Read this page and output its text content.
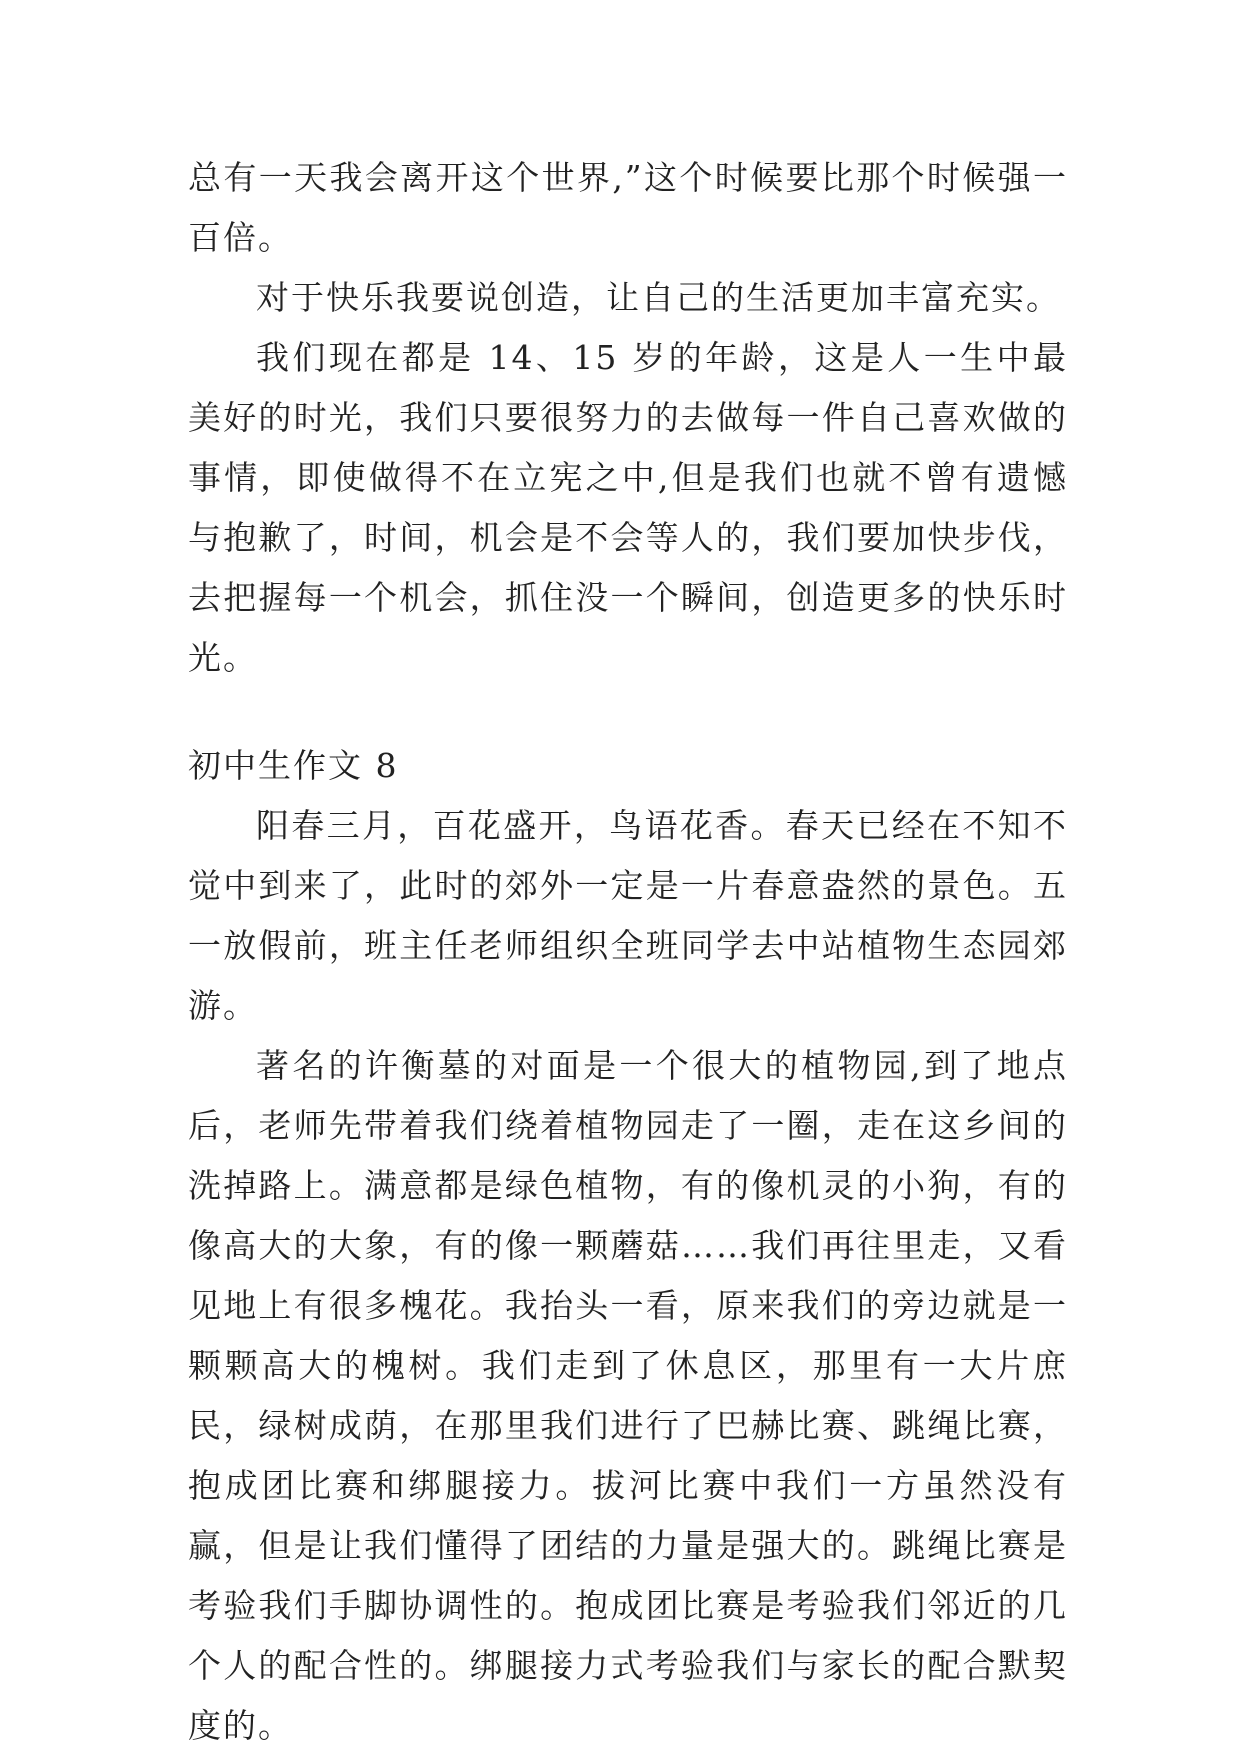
总有一天我会离开这个世界,”这个时候要比那个时候强一百倍。

对于快乐我要说创造，让自己的生活更加丰富充实。

我们现在都是 14、15 岁的年龄，这是人一生中最美好的时光，我们只要很努力的去做每一件自己喜欢做的事情，即使做得不在立宪之中,但是我们也就不曾有遗憾与抱歉了，时间，机会是不会等人的，我们要加快步伐，去把握每一个机会，抓住没一个瞬间，创造更多的快乐时光。

初中生作文 8

阳春三月，百花盛开，鸟语花香。春天已经在不知不觉中到来了，此时的郊外一定是一片春意盎然的景色。五一放假前，班主任老师组织全班同学去中站植物生态园郊游。

著名的许衡墓的对面是一个很大的植物园,到了地点后，老师先带着我们绕着植物园走了一圈，走在这乡间的洗掉路上。满意都是绿色植物，有的像机灵的小狗，有的像高大的大象，有的像一颗蘑菇……我们再往里走，又看见地上有很多槐花。我抬头一看，原来我们的旁边就是一颗颗高大的槐树。我们走到了休息区，那里有一大片庶民，绿树成荫，在那里我们进行了巴赫比赛、跳绳比赛，抱成团比赛和绑腿接力。拔河比赛中我们一方虽然没有赢，但是让我们懂得了团结的力量是强大的。跳绳比赛是考验我们手脚协调性的。抱成团比赛是考验我们邻近的几个人的配合性的。绑腿接力式考验我们与家长的配合默契度的。
